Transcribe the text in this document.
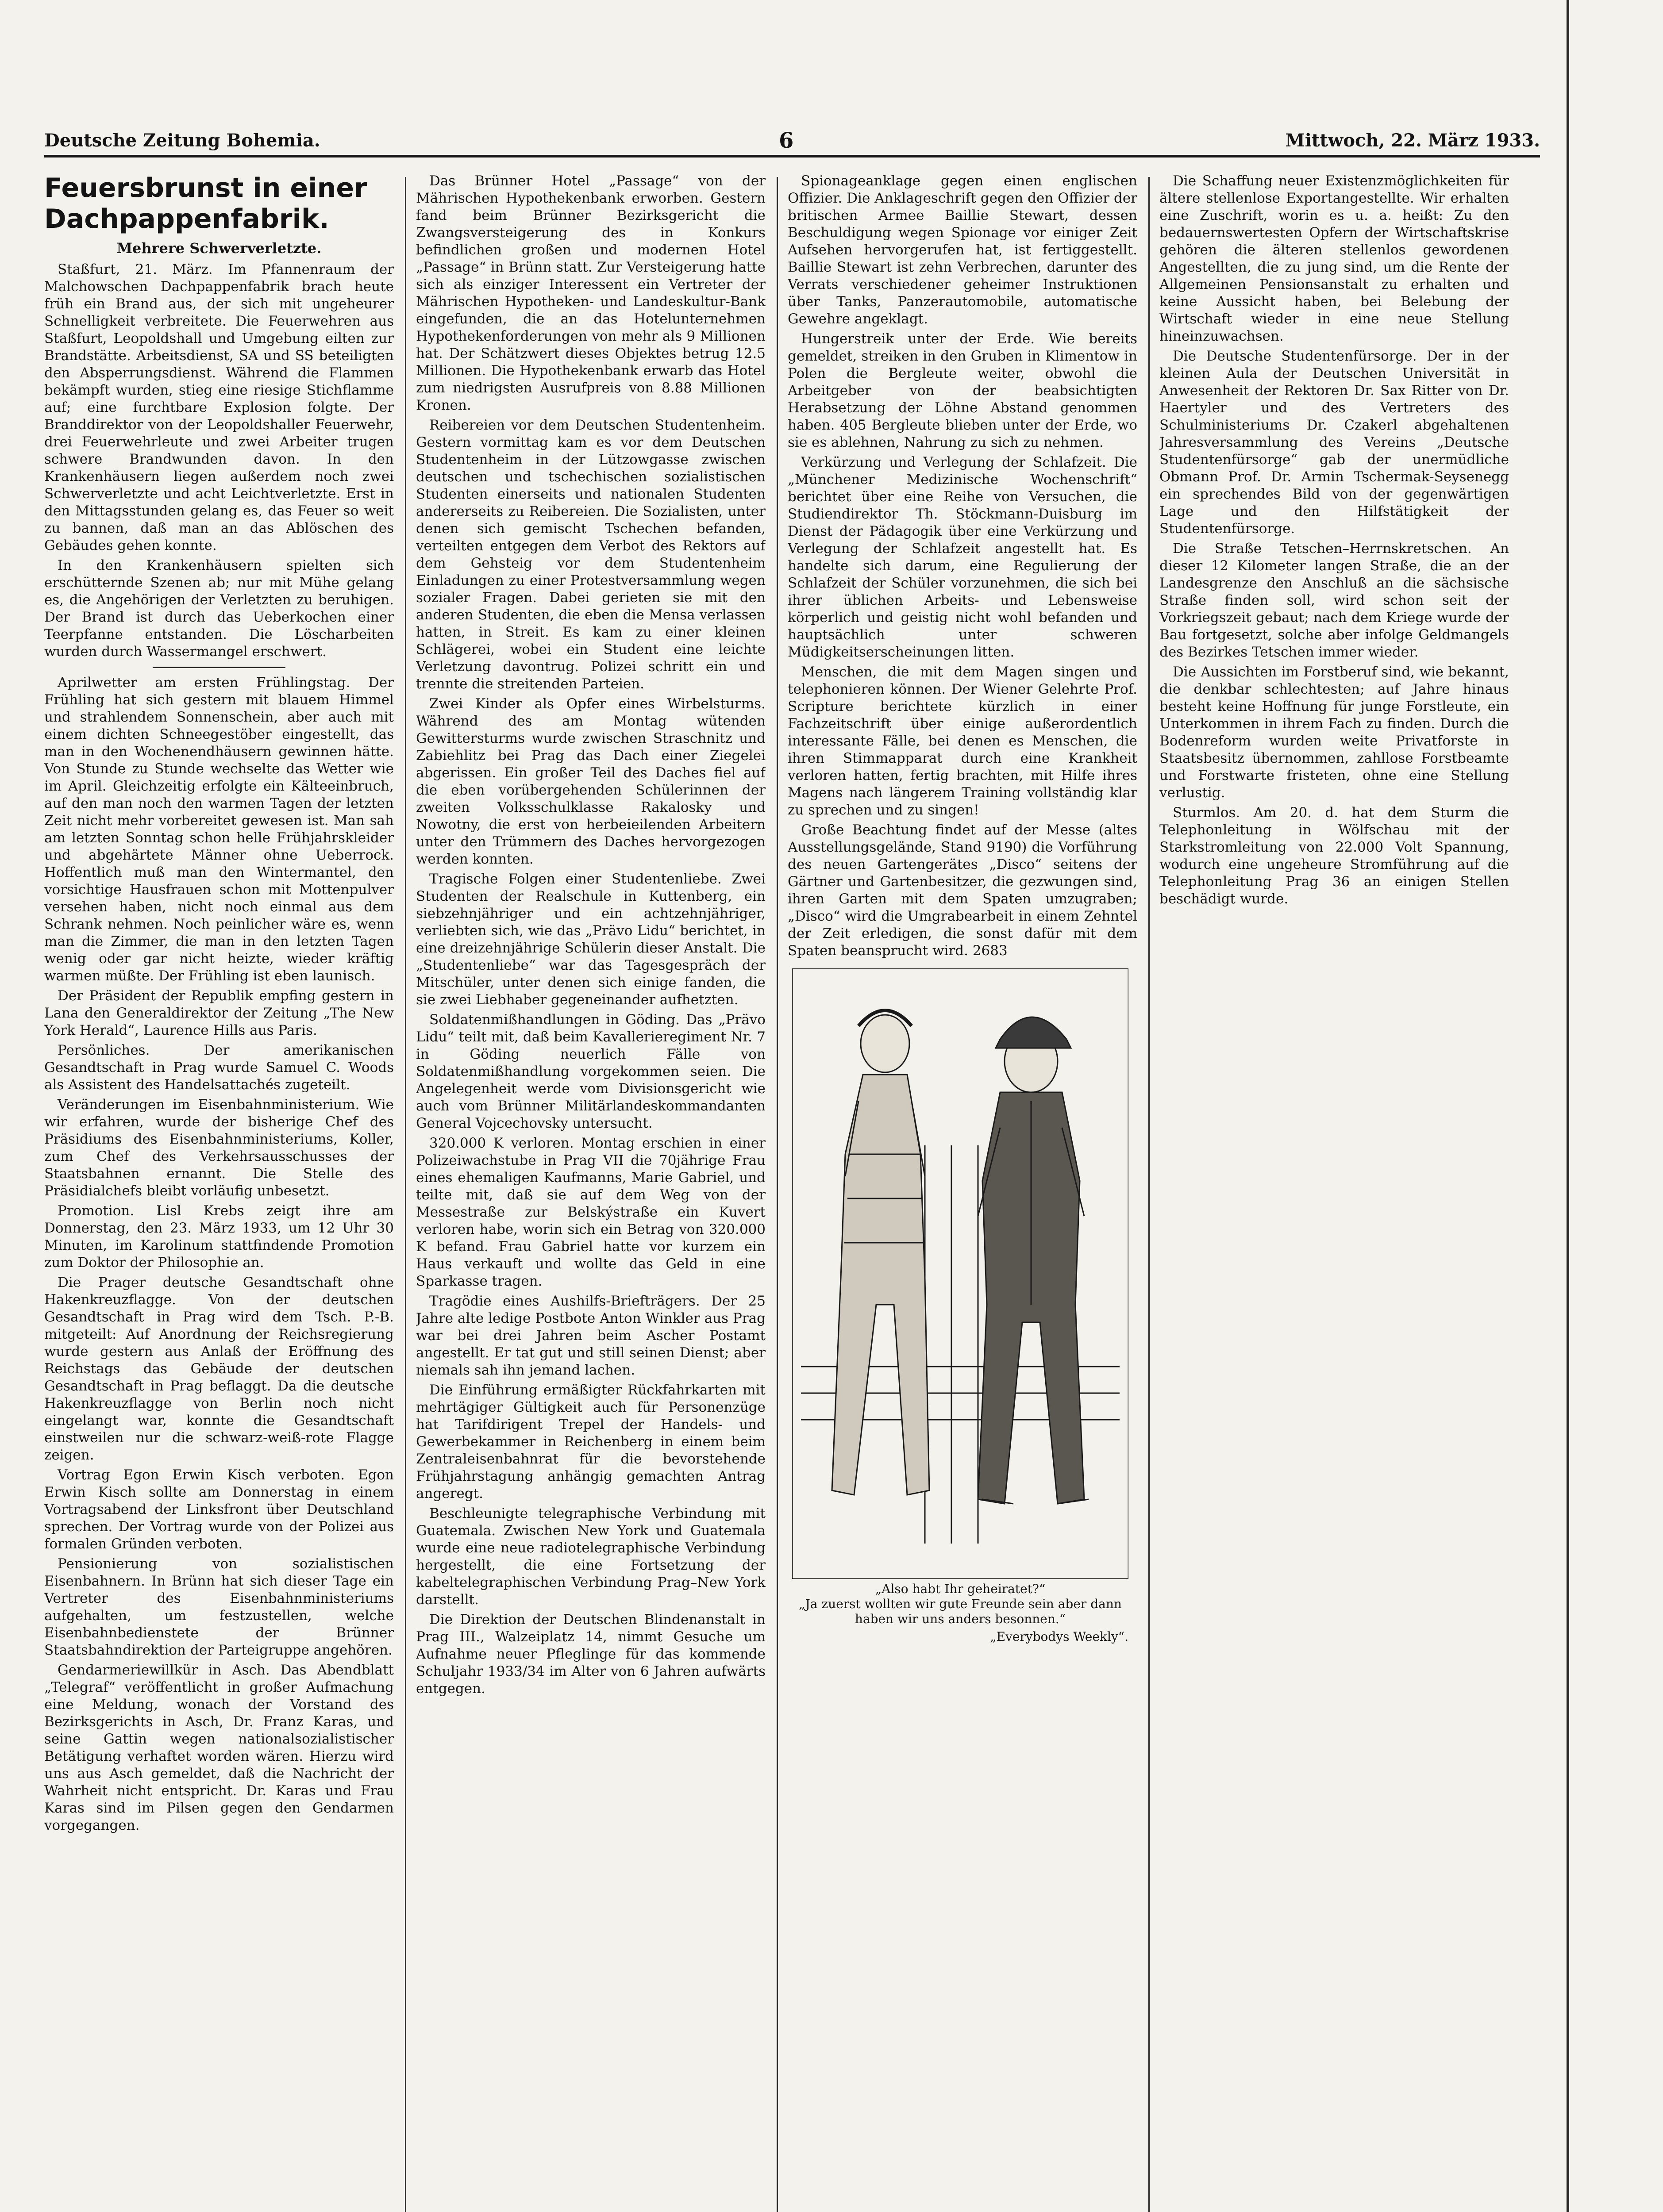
Deutsche Zeitung Bohemia.	6	Mittwoch, 22. März 1933.
Feuersbrunst in einer Dachpappenfabrik.
Mehrere Schwerverletzte.

Staßfurt, 21. März. Im Pfannenraum der Malchowschen Dachpappenfabrik brach heute früh ein Brand aus, der sich mit ungeheurer Schnelligkeit verbreitete. Die Feuerwehren aus Staßfurt, Leopoldshall und Umgebung eilten zur Brandstätte. Arbeitsdienst, SA und SS beteiligten den Absperrungsdienst. Während die Flammen bekämpft wurden, stieg eine riesige Stichflamme auf; eine furchtbare Explosion folgte. Der Branddirektor von der Leopoldshaller Feuerwehr, drei Feuerwehrleute und zwei Arbeiter trugen schwere Brandwunden davon. In den Krankenhäusern liegen außerdem noch zwei Schwerverletzte und acht Leichtverletzte. Erst in den Mittagsstunden gelang es, das Feuer so weit zu bannen, daß man an das Ablöschen des Gebäudes gehen konnte.

In den Krankenhäusern spielten sich erschütternde Szenen ab; nur mit Mühe gelang es, die Angehörigen der Verletzten zu beruhigen. Der Brand ist durch das Ueberkochen einer Teerpfanne entstanden. Die Löscharbeiten wurden durch Wassermangel erschwert.

Aprilwetter am ersten Frühlingstag. Der Frühling hat sich gestern mit blauem Himmel und strahlendem Sonnenschein, aber auch mit einem dichten Schneegestöber eingestellt, das man in den Wochenendhäusern gewinnen hätte. Von Stunde zu Stunde wechselte das Wetter wie im April. Gleichzeitig erfolgte ein Kälteeinbruch, auf den man noch den warmen Tagen der letzten Zeit nicht mehr vorbereitet gewesen ist. Man sah am letzten Sonntag schon helle Frühjahrskleider und abgehärtete Männer ohne Ueberrock. Hoffentlich muß man den Wintermantel, den vorsichtige Hausfrauen schon mit Mottenpulver versehen haben, nicht noch einmal aus dem Schrank nehmen. Noch peinlicher wäre es, wenn man die Zimmer, die man in den letzten Tagen wenig oder gar nicht heizte, wieder kräftig warmen müßte. Der Frühling ist eben launisch.

Der Präsident der Republik empfing gestern in Lana den Generaldirektor der Zeitung „The New York Herald“, Laurence Hills aus Paris.

Persönliches. Der amerikanischen Gesandtschaft in Prag wurde Samuel C. Woods als Assistent des Handelsattachés zugeteilt.

Veränderungen im Eisenbahnministerium. Wie wir erfahren, wurde der bisherige Chef des Präsidiums des Eisenbahnministeriums, Koller, zum Chef des Verkehrsausschusses der Staatsbahnen ernannt. Die Stelle des Präsidialchefs bleibt vorläufig unbesetzt.

Promotion. Lisl Krebs zeigt ihre am Donnerstag, den 23. März 1933, um 12 Uhr 30 Minuten, im Karolinum stattfindende Promotion zum Doktor der Philosophie an.

Die Prager deutsche Gesandtschaft ohne Hakenkreuzflagge. Von der deutschen Gesandtschaft in Prag wird dem Tsch. P.-B. mitgeteilt: Auf Anordnung der Reichsregierung wurde gestern aus Anlaß der Eröffnung des Reichstags das Gebäude der deutschen Gesandtschaft in Prag beflaggt. Da die deutsche Hakenkreuzflagge von Berlin noch nicht eingelangt war, konnte die Gesandtschaft einstweilen nur die schwarz-weiß-rote Flagge zeigen.

Vortrag Egon Erwin Kisch verboten. Egon Erwin Kisch sollte am Donnerstag in einem Vortragsabend der Linksfront über Deutschland sprechen. Der Vortrag wurde von der Polizei aus formalen Gründen verboten.

Pensionierung von sozialistischen Eisenbahnern. In Brünn hat sich dieser Tage ein Vertreter des Eisenbahnministeriums aufgehalten, um festzustellen, welche Eisenbahnbedienstete der Brünner Staatsbahndirektion der Parteigruppe angehören.

Gendarmeriewillkür in Asch. Das Abendblatt „Telegraf“ veröffentlicht in großer Aufmachung eine Meldung, wonach der Vorstand des Bezirksgerichts in Asch, Dr. Franz Karas, und seine Gattin wegen nationalsozialistischer Betätigung verhaftet worden wären. Hierzu wird uns aus Asch gemeldet, daß die Nachricht der Wahrheit nicht entspricht. Dr. Karas und Frau Karas sind im Pilsen gegen den Gendarmen vorgegangen.

Das Brünner Hotel „Passage“ von der Mährischen Hypothekenbank erworben. Gestern fand beim Brünner Bezirksgericht die Zwangsversteigerung des in Konkurs befindlichen großen und modernen Hotel „Passage“ in Brünn statt. Zur Versteigerung hatte sich als einziger Interessent ein Vertreter der Mährischen Hypotheken- und Landeskultur-Bank eingefunden, die an das Hotelunternehmen Hypothekenforderungen von mehr als 9 Millionen hat. Der Schätzwert dieses Objektes betrug 12.5 Millionen. Die Hypothekenbank erwarb das Hotel zum niedrigsten Ausrufpreis von 8.88 Millionen Kronen.

Reibereien vor dem Deutschen Studentenheim. Gestern vormittag kam es vor dem Deutschen Studentenheim in der Lützowgasse zwischen deutschen und tschechischen sozialistischen Studenten einerseits und nationalen Studenten andererseits zu Reibereien. Die Sozialisten, unter denen sich gemischt Tschechen befanden, verteilten entgegen dem Verbot des Rektors auf dem Gehsteig vor dem Studentenheim Einladungen zu einer Protestversammlung wegen sozialer Fragen. Dabei gerieten sie mit den anderen Studenten, die eben die Mensa verlassen hatten, in Streit. Es kam zu einer kleinen Schlägerei, wobei ein Student eine leichte Verletzung davontrug. Polizei schritt ein und trennte die streitenden Parteien.

Zwei Kinder als Opfer eines Wirbelsturms. Während des am Montag wütenden Gewittersturms wurde zwischen Straschnitz und Zabiehlitz bei Prag das Dach einer Ziegelei abgerissen. Ein großer Teil des Daches fiel auf die eben vorübergehenden Schülerinnen der zweiten Volksschulklasse Rakalosky und Nowotny, die erst von herbeieilenden Arbeitern unter den Trümmern des Daches hervorgezogen werden konnten.

Tragische Folgen einer Studentenliebe. Zwei Studenten der Realschule in Kuttenberg, ein siebzehnjähriger und ein achtzehnjähriger, verliebten sich, wie das „Prävo Lidu“ berichtet, in eine dreizehnjährige Schülerin dieser Anstalt. Die „Studentenliebe“ war das Tagesgespräch der Mitschüler, unter denen sich einige fanden, die sie zwei Liebhaber gegeneinander aufhetzten.

Soldatenmißhandlungen in Göding. Das „Prävo Lidu“ teilt mit, daß beim Kavallerieregiment Nr. 7 in Göding neuerlich Fälle von Soldatenmißhandlung vorgekommen seien. Die Angelegenheit werde vom Divisionsgericht wie auch vom Brünner Militärlandeskommandanten General Vojcechovsky untersucht.

320.000 K verloren. Montag erschien in einer Polizeiwachstube in Prag VII die 70jährige Frau eines ehemaligen Kaufmanns, Marie Gabriel, und teilte mit, daß sie auf dem Weg von der Messestraße zur Belskýstraße ein Kuvert verloren habe, worin sich ein Betrag von 320.000 K befand. Frau Gabriel hatte vor kurzem ein Haus verkauft und wollte das Geld in eine Sparkasse tragen.

Tragödie eines Aushilfs-Briefträgers. Der 25 Jahre alte ledige Postbote Anton Winkler aus Prag war bei drei Jahren beim Ascher Postamt angestellt. Er tat gut und still seinen Dienst; aber niemals sah ihn jemand lachen.

Die Einführung ermäßigter Rückfahrkarten mit mehrtägiger Gültigkeit auch für Personenzüge hat Tarifdirigent Trepel der Handels- und Gewerbekammer in Reichenberg in einem beim Zentraleisenbahnrat für die bevorstehende Frühjahrstagung anhängig gemachten Antrag angeregt.

Beschleunigte telegraphische Verbindung mit Guatemala. Zwischen New York und Guatemala wurde eine neue radiotelegraphische Verbindung hergestellt, die eine Fortsetzung der kabeltelegraphischen Verbindung Prag–New York darstellt.

Die Direktion der Deutschen Blindenanstalt in Prag III., Walzeiplatz 14, nimmt Gesuche um Aufnahme neuer Pfleglinge für das kommende Schuljahr 1933/34 im Alter von 6 Jahren aufwärts entgegen.

Spionageanklage gegen einen englischen Offizier. Die Anklageschrift gegen den Offizier der britischen Armee Baillie Stewart, dessen Beschuldigung wegen Spionage vor einiger Zeit Aufsehen hervorgerufen hat, ist fertiggestellt. Baillie Stewart ist zehn Verbrechen, darunter des Verrats verschiedener geheimer Instruktionen über Tanks, Panzerautomobile, automatische Gewehre angeklagt.

Hungerstreik unter der Erde. Wie bereits gemeldet, streiken in den Gruben in Klimentow in Polen die Bergleute weiter, obwohl die Arbeitgeber von der beabsichtigten Herabsetzung der Löhne Abstand genommen haben. 405 Bergleute blieben unter der Erde, wo sie es ablehnen, Nahrung zu sich zu nehmen.

Verkürzung und Verlegung der Schlafzeit. Die „Münchener Medizinische Wochenschrift“ berichtet über eine Reihe von Versuchen, die Studiendirektor Th. Stöckmann-Duisburg im Dienst der Pädagogik über eine Verkürzung und Verlegung der Schlafzeit angestellt hat. Es handelte sich darum, eine Regulierung der Schlafzeit der Schüler vorzunehmen, die sich bei ihrer üblichen Arbeits- und Lebensweise körperlich und geistig nicht wohl befanden und hauptsächlich unter schweren Müdigkeitserscheinungen litten.

Menschen, die mit dem Magen singen und telephonieren können. Der Wiener Gelehrte Prof. Scripture berichtete kürzlich in einer Fachzeitschrift über einige außerordentlich interessante Fälle, bei denen es Menschen, die ihren Stimmapparat durch eine Krankheit verloren hatten, fertig brachten, mit Hilfe ihres Magens nach längerem Training vollständig klar zu sprechen und zu singen!

Große Beachtung findet auf der Messe (altes Ausstellungsgelände, Stand 9190) die Vorführung des neuen Gartengerätes „Disco“ seitens der Gärtner und Gartenbesitzer, die gezwungen sind, ihren Garten mit dem Spaten umzugraben; „Disco“ wird die Umgrabearbeit in einem Zehntel der Zeit erledigen, die sonst dafür mit dem Spaten beansprucht wird. 2683

„Also habt Ihr geheiratet?“
„Ja zuerst wollten wir gute Freunde sein aber dann haben wir uns anders besonnen.“
„Everybodys Weekly“.

Die Schaffung neuer Existenzmöglichkeiten für ältere stellenlose Exportangestellte. Wir erhalten eine Zuschrift, worin es u. a. heißt: Zu den bedauernswertesten Opfern der Wirtschaftskrise gehören die älteren stellenlos gewordenen Angestellten, die zu jung sind, um die Rente der Allgemeinen Pensionsanstalt zu erhalten und keine Aussicht haben, bei Belebung der Wirtschaft wieder in eine neue Stellung hineinzuwachsen.

Die Deutsche Studentenfürsorge. Der in der kleinen Aula der Deutschen Universität in Anwesenheit der Rektoren Dr. Sax Ritter von Dr. Haertyler und des Vertreters des Schulministeriums Dr. Czakerl abgehaltenen Jahresversammlung des Vereins „Deutsche Studentenfürsorge“ gab der unermüdliche Obmann Prof. Dr. Armin Tschermak-Seysenegg ein sprechendes Bild von der gegenwärtigen Lage und den Hilfstätigkeit der Studentenfürsorge.

Die Straße Tetschen–Herrnskretschen. An dieser 12 Kilometer langen Straße, die an der Landesgrenze den Anschluß an die sächsische Straße finden soll, wird schon seit der Vorkriegszeit gebaut; nach dem Kriege wurde der Bau fortgesetzt, solche aber infolge Geldmangels des Bezirkes Tetschen immer wieder.

Die Aussichten im Forstberuf sind, wie bekannt, die denkbar schlechtesten; auf Jahre hinaus besteht keine Hoffnung für junge Forstleute, ein Unterkommen in ihrem Fach zu finden. Durch die Bodenreform wurden weite Privatforste in Staatsbesitz übernommen, zahllose Forstbeamte und Forstwarte fristeten, ohne eine Stellung verlustig.

Sturmlos. Am 20. d. hat dem Sturm die Telephonleitung in Wölfschau mit der Starkstromleitung von 22.000 Volt Spannung, wodurch eine ungeheure Stromführung auf die Telephonleitung Prag 36 an einigen Stellen beschädigt wurde.
